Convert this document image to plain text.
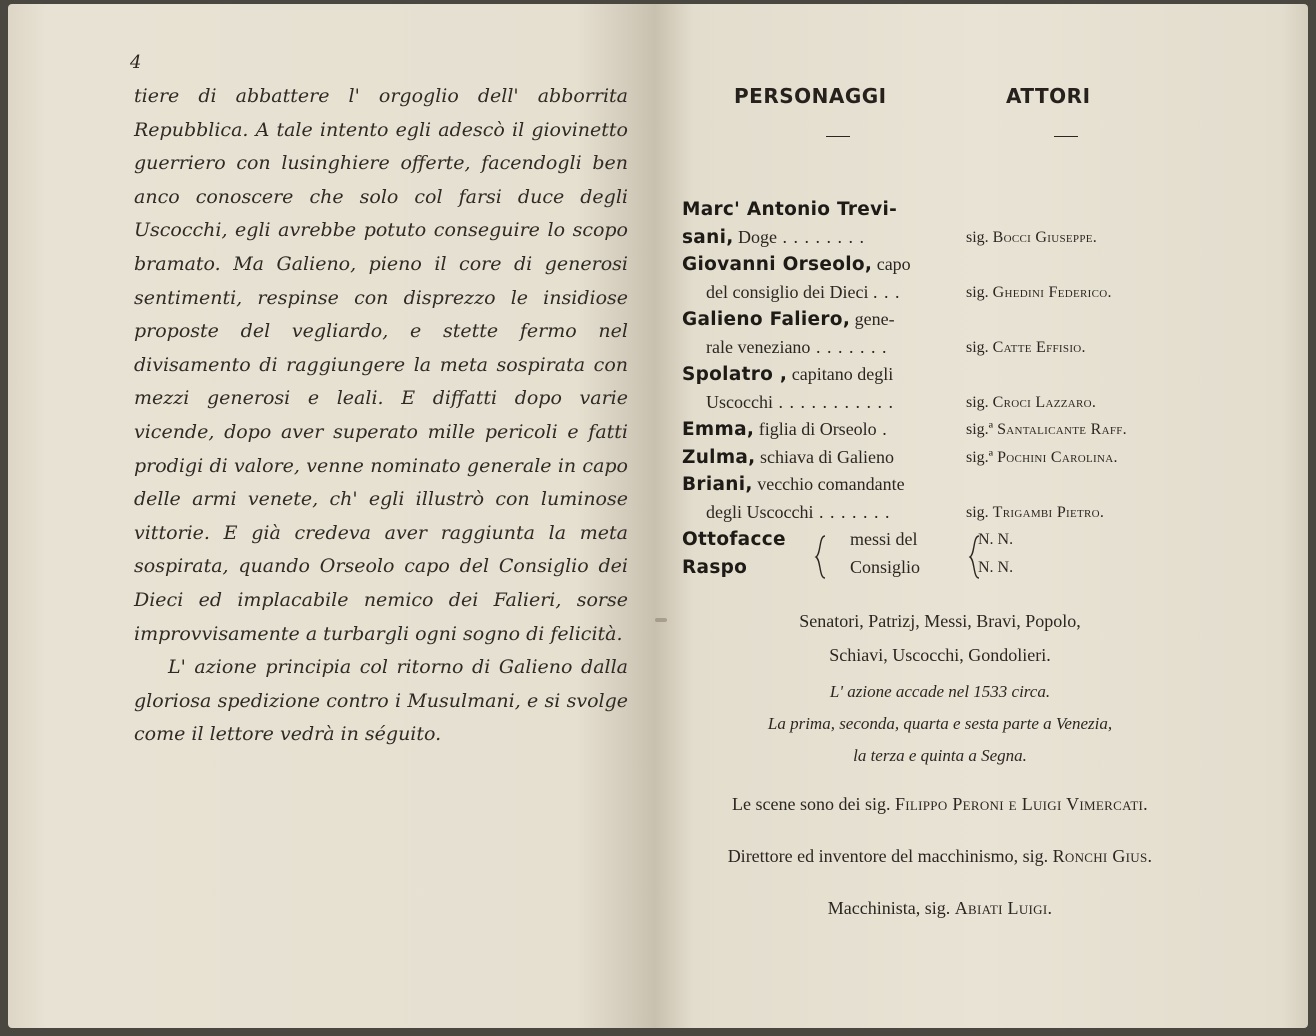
4

tiere di abbattere l' orgoglio dell' abborrita Repubblica. A tale intento egli adescò il giovinetto guerriero con lusinghiere offerte, facendogli ben anco conoscere che solo col farsi duce degli Uscocchi, egli avrebbe potuto conseguire lo scopo bramato. Ma Galieno, pieno il core di generosi sentimenti, respinse con disprezzo le insidiose proposte del vegliardo, e stette fermo nel divisamento di raggiungere la meta sospirata con mezzi generosi e leali. E diffatti dopo varie vicende, dopo aver superato mille pericoli e fatti prodigi di valore, venne nominato generale in capo delle armi venete, ch' egli illustrò con luminose vittorie. E già credeva aver raggiunta la meta sospirata, quando Orseolo capo del Consiglio dei Dieci ed implacabile nemico dei Falieri, sorse improvvisamente a turbargli ogni sogno di felicità.

L' azione principia col ritorno di Galieno dalla gloriosa spedizione contro i Musulmani, e si svolge come il lettore vedrà in séguito.

PERSONAGGI	ATTORI
Marc' Antonio Trevi-
sani, Doge . . . . . . . .	sig. Bocci Giuseppe.
Giovanni Orseolo, capo
del consiglio dei Dieci . . .	sig. Ghedini Federico.
Galieno Faliero, gene-
rale veneziano . . . . . . .	sig. Catte Effisio.
Spolatro , capitano degli
Uscocchi . . . . . . . . . . .	sig. Croci Lazzaro.
Emma, figlia di Orseolo .	sig.ª Santalicante Raff.
Zulma, schiava di Galieno	sig.ª Pochini Carolina.
Briani, vecchio comandante
degli Uscocchi . . . . . . .	sig. Trigambi Pietro.
Ottofacce	messi del	N. N.
Raspo	Consiglio	N. N.
Senatori, Patrizj, Messi, Bravi, Popolo,
Schiavi, Uscocchi, Gondolieri.
L' azione accade nel 1533 circa.
La prima, seconda, quarta e sesta parte a Venezia,
la terza e quinta a Segna.
Le scene sono dei sig. Filippo Peroni e Luigi Vimercati.
Direttore ed inventore del macchinismo, sig. Ronchi Gius.
Macchinista, sig. Abiati Luigi.
